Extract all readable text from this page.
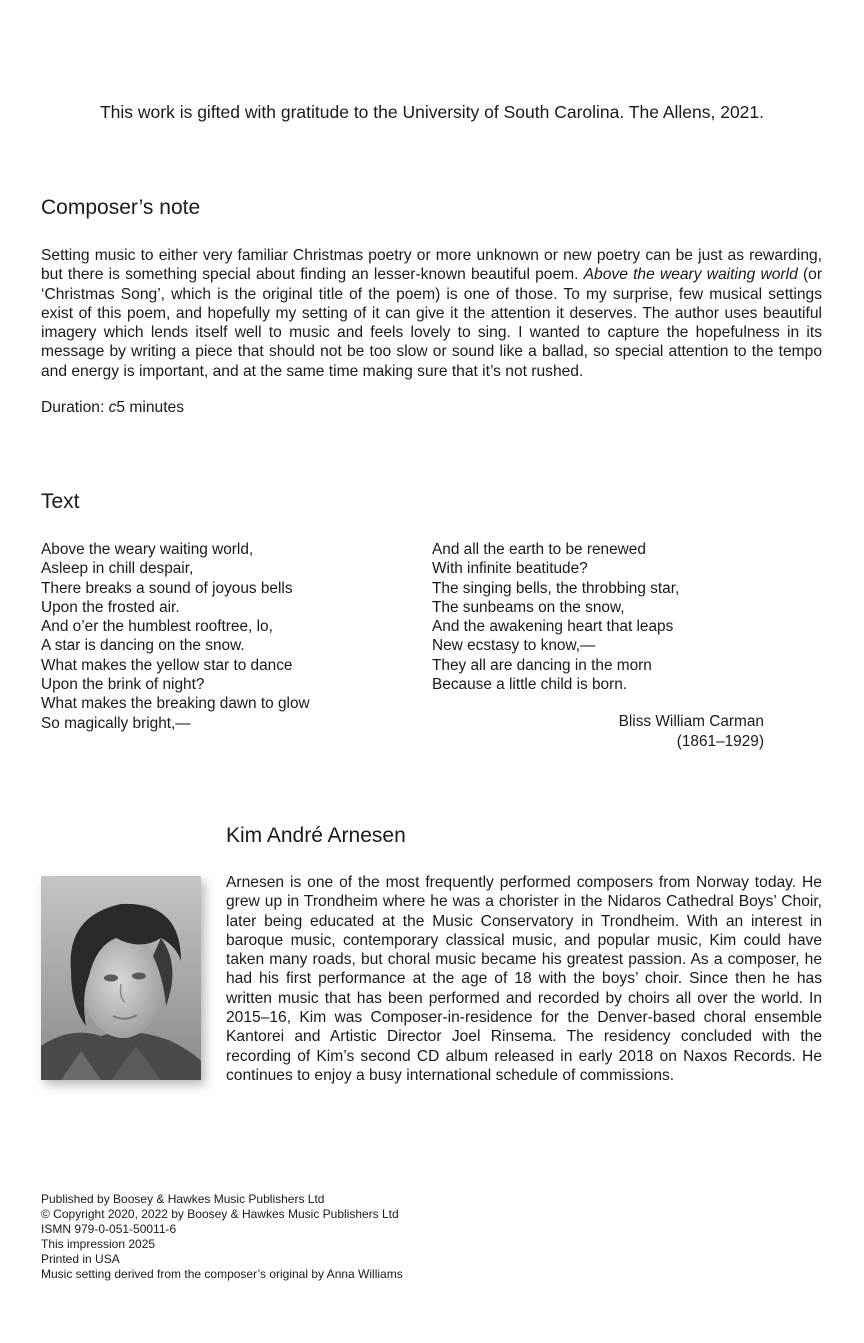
This work is gifted with gratitude to the University of South Carolina. The Allens, 2021.
Composer’s note

Setting music to either very familiar Christmas poetry or more unknown or new poetry can be just as rewarding, but there is something special about finding an lesser-known beautiful poem. Above the weary waiting world (or ‘Christmas Song’, which is the original title of the poem) is one of those. To my surprise, few musical settings exist of this poem, and hopefully my setting of it can give it the attention it deserves. The author uses beautiful imagery which lends itself well to music and feels lovely to sing. I wanted to capture the hopefulness in its message by writing a piece that should not be too slow or sound like a ballad, so special attention to the tempo and energy is important, and at the same time making sure that it’s not rushed.

Duration: c5 minutes
Text
Above the weary waiting world,
Asleep in chill despair,
There breaks a sound of joyous bells
Upon the frosted air.
And o’er the humblest rooftree, lo,
A star is dancing on the snow.
What makes the yellow star to dance
Upon the brink of night?
What makes the breaking dawn to glow
So magically bright,—
And all the earth to be renewed
With infinite beatitude?
The singing bells, the throbbing star,
The sunbeams on the snow,
And the awakening heart that leaps
New ecstasy to know,—
They all are dancing in the morn
Because a little child is born.
Bliss William Carman
(1861–1929)
Kim André Arnesen

Arnesen is one of the most frequently performed composers from Norway today. He grew up in Trondheim where he was a chorister in the Nidaros Cathedral Boys’ Choir, later being educated at the Music Conservatory in Trondheim. With an interest in baroque music, contemporary classical music, and popular music, Kim could have taken many roads, but choral music became his greatest passion. As a composer, he had his first performance at the age of 18 with the boys’ choir. Since then he has written music that has been performed and recorded by choirs all over the world. In 2015–16, Kim was Composer-in-residence for the Denver-based choral ensemble Kantorei and Artistic Director Joel Rinsema. The residency concluded with the recording of Kim’s second CD album released in early 2018 on Naxos Records. He continues to enjoy a busy international schedule of commissions.

Published by Boosey & Hawkes Music Publishers Ltd
© Copyright 2020, 2022 by Boosey & Hawkes Music Publishers Ltd
ISMN 979-0-051-50011-6
This impression 2025
Printed in USA
Music setting derived from the composer’s original by Anna Williams
